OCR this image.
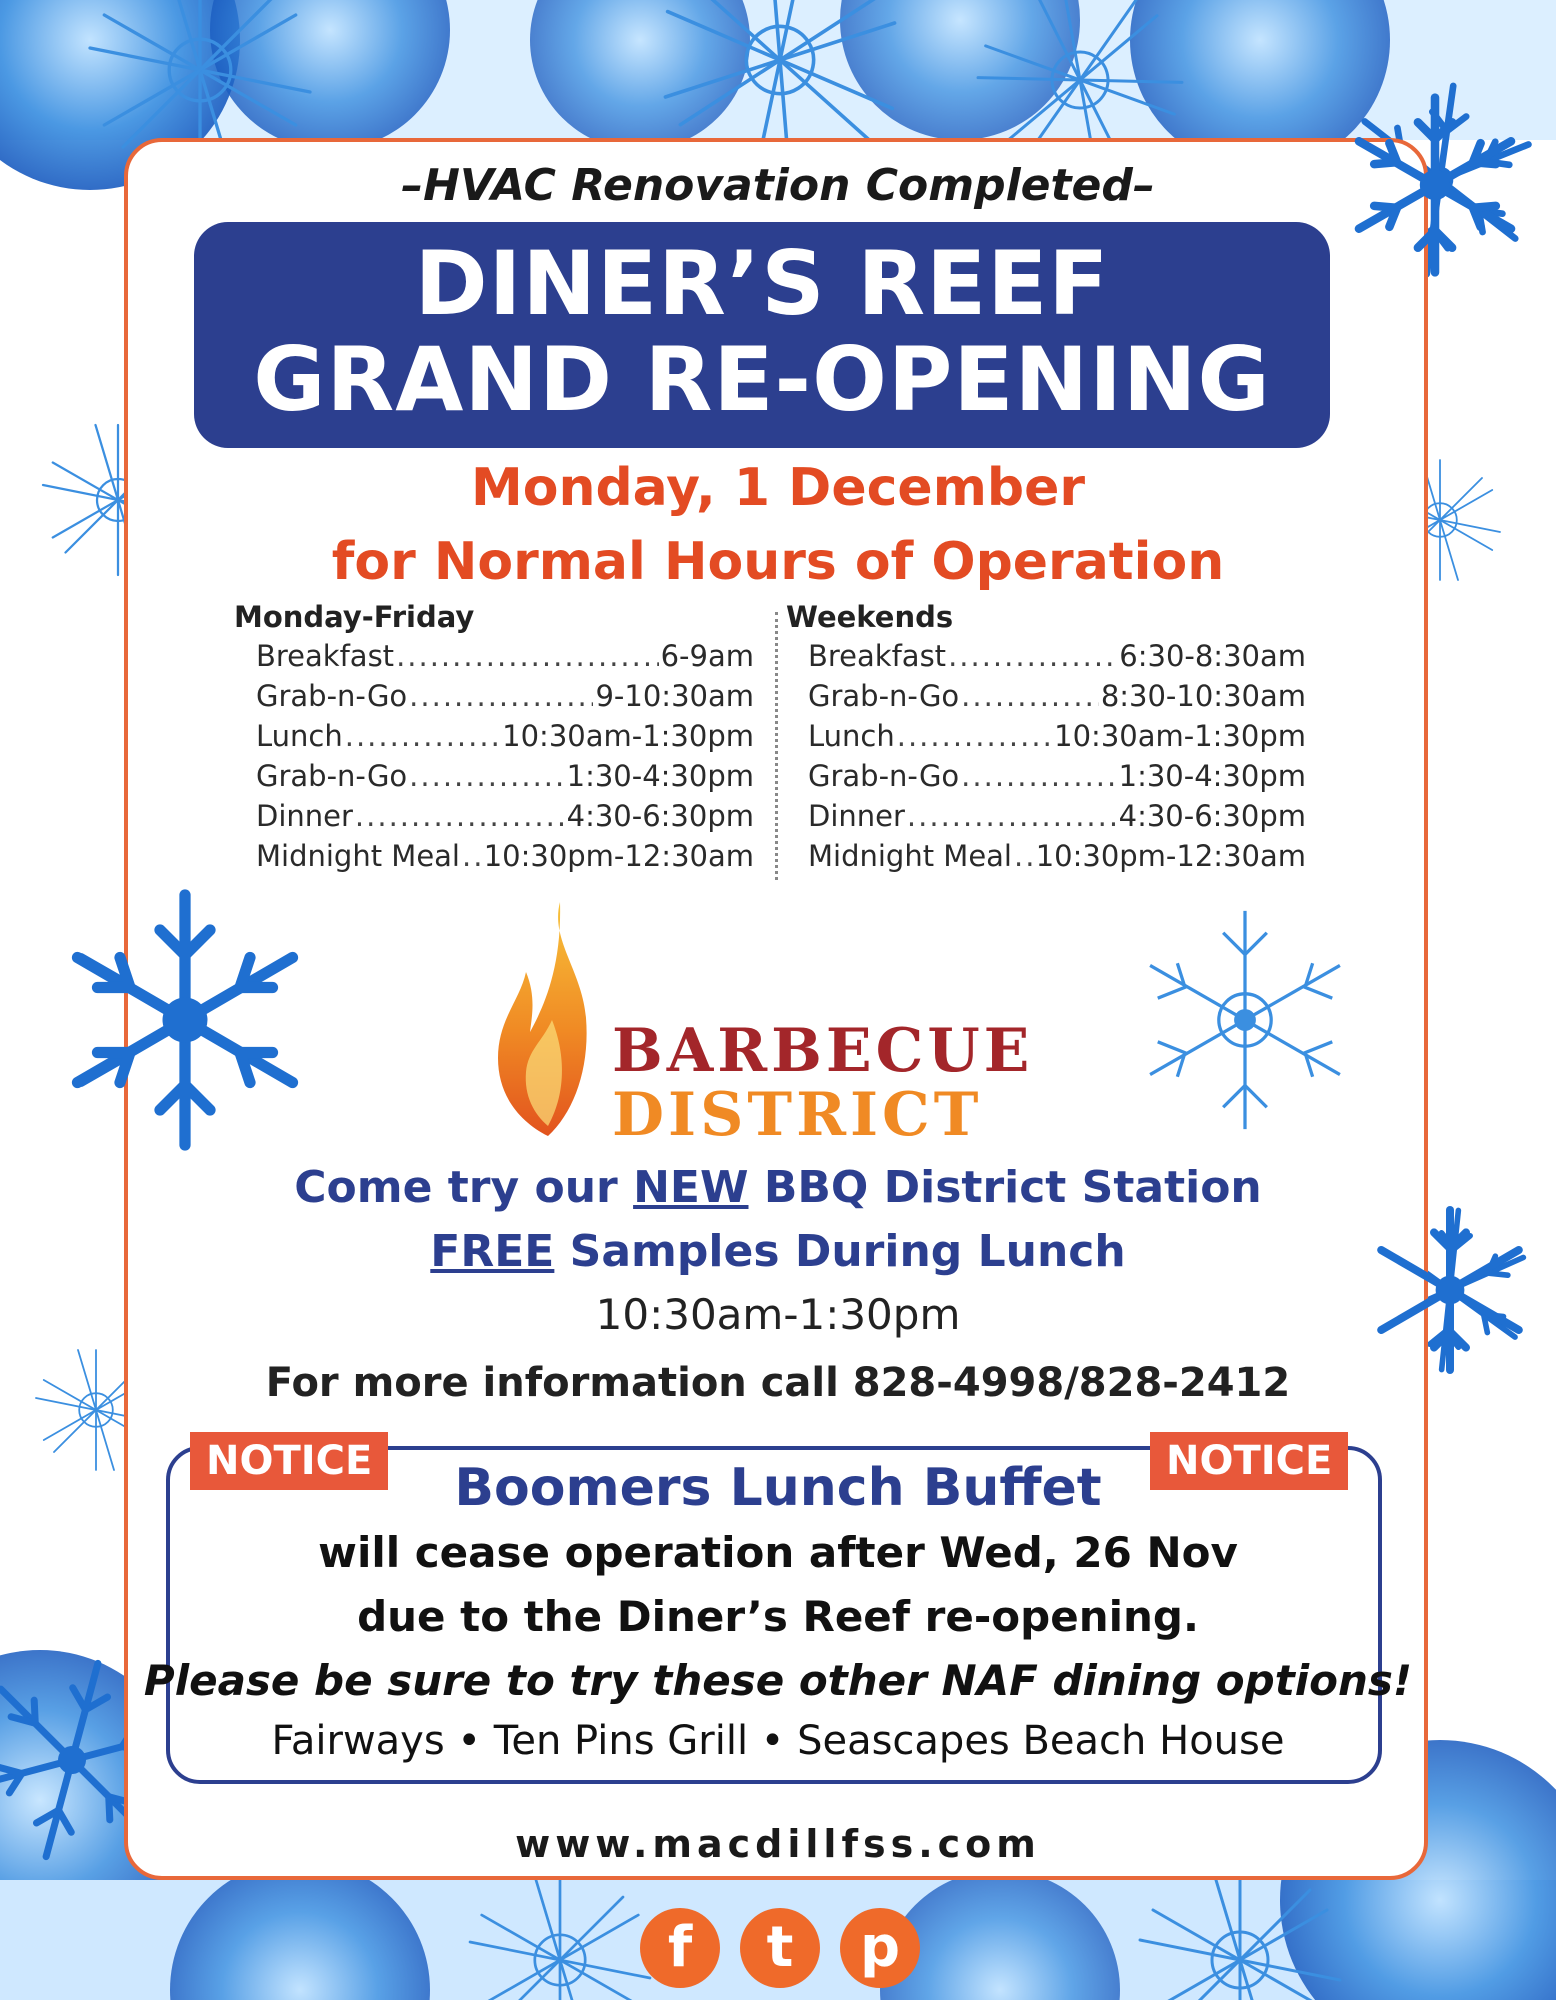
–HVAC Renovation Completed–
DINER’S REEF
GRAND RE-OPENING
Monday, 1 December
for Normal Hours of Operation
Monday-Friday
Breakfast .....	6-9am
Grab-n-Go .....	9-10:30am
Lunch .....	10:30am-1:30pm
Grab-n-Go .....	1:30-4:30pm
Dinner .....	4:30-6:30pm
Midnight Meal ..... 10:30pm-12:30am
Weekends
Breakfast .....	6:30-8:30am
Grab-n-Go .....	8:30-10:30am
Lunch .....	10:30am-1:30pm
Grab-n-Go .....	1:30-4:30pm
Dinner .....	4:30-6:30pm
Midnight Meal ..... 10:30pm-12:30am
BARBECUE
DISTRICT
Come try our NEW BBQ District Station
FREE Samples During Lunch
10:30am-1:30pm
For more information call 828-4998/828-2412
NOTICE	NOTICE
Boomers Lunch Buffet
will cease operation after Wed, 26 Nov
due to the Diner’s Reef re-opening.
Please be sure to try these other NAF dining options!
Fairways • Ten Pins Grill • Seascapes Beach House
www.macdillfss.com
f	t	p
